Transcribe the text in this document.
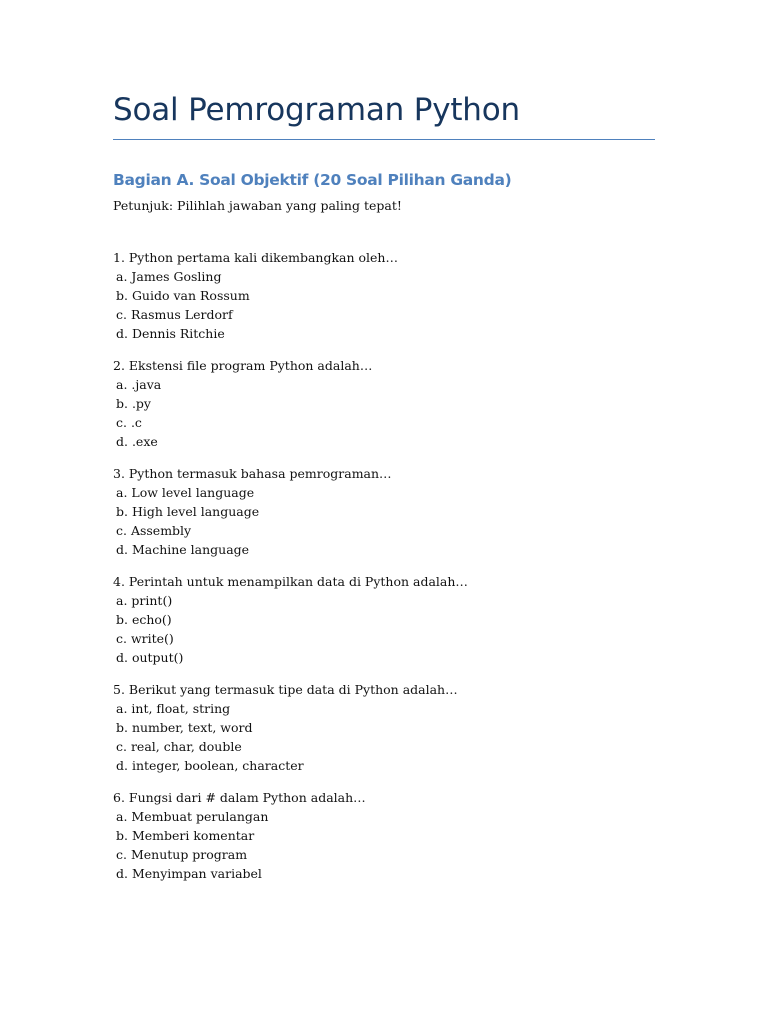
Soal Pemrograman Python
Bagian A. Soal Objektif (20 Soal Pilihan Ganda)
Petunjuk: Pilihlah jawaban yang paling tepat!
1. Python pertama kali dikembangkan oleh…
a. James Gosling
b. Guido van Rossum
c. Rasmus Lerdorf
d. Dennis Ritchie
2. Ekstensi file program Python adalah…
a. .java
b. .py
c. .c
d. .exe
3. Python termasuk bahasa pemrograman…
a. Low level language
b. High level language
c. Assembly
d. Machine language
4. Perintah untuk menampilkan data di Python adalah…
a. print()
b. echo()
c. write()
d. output()
5. Berikut yang termasuk tipe data di Python adalah…
a. int, float, string
b. number, text, word
c. real, char, double
d. integer, boolean, character
6. Fungsi dari # dalam Python adalah…
a. Membuat perulangan
b. Memberi komentar
c. Menutup program
d. Menyimpan variabel
